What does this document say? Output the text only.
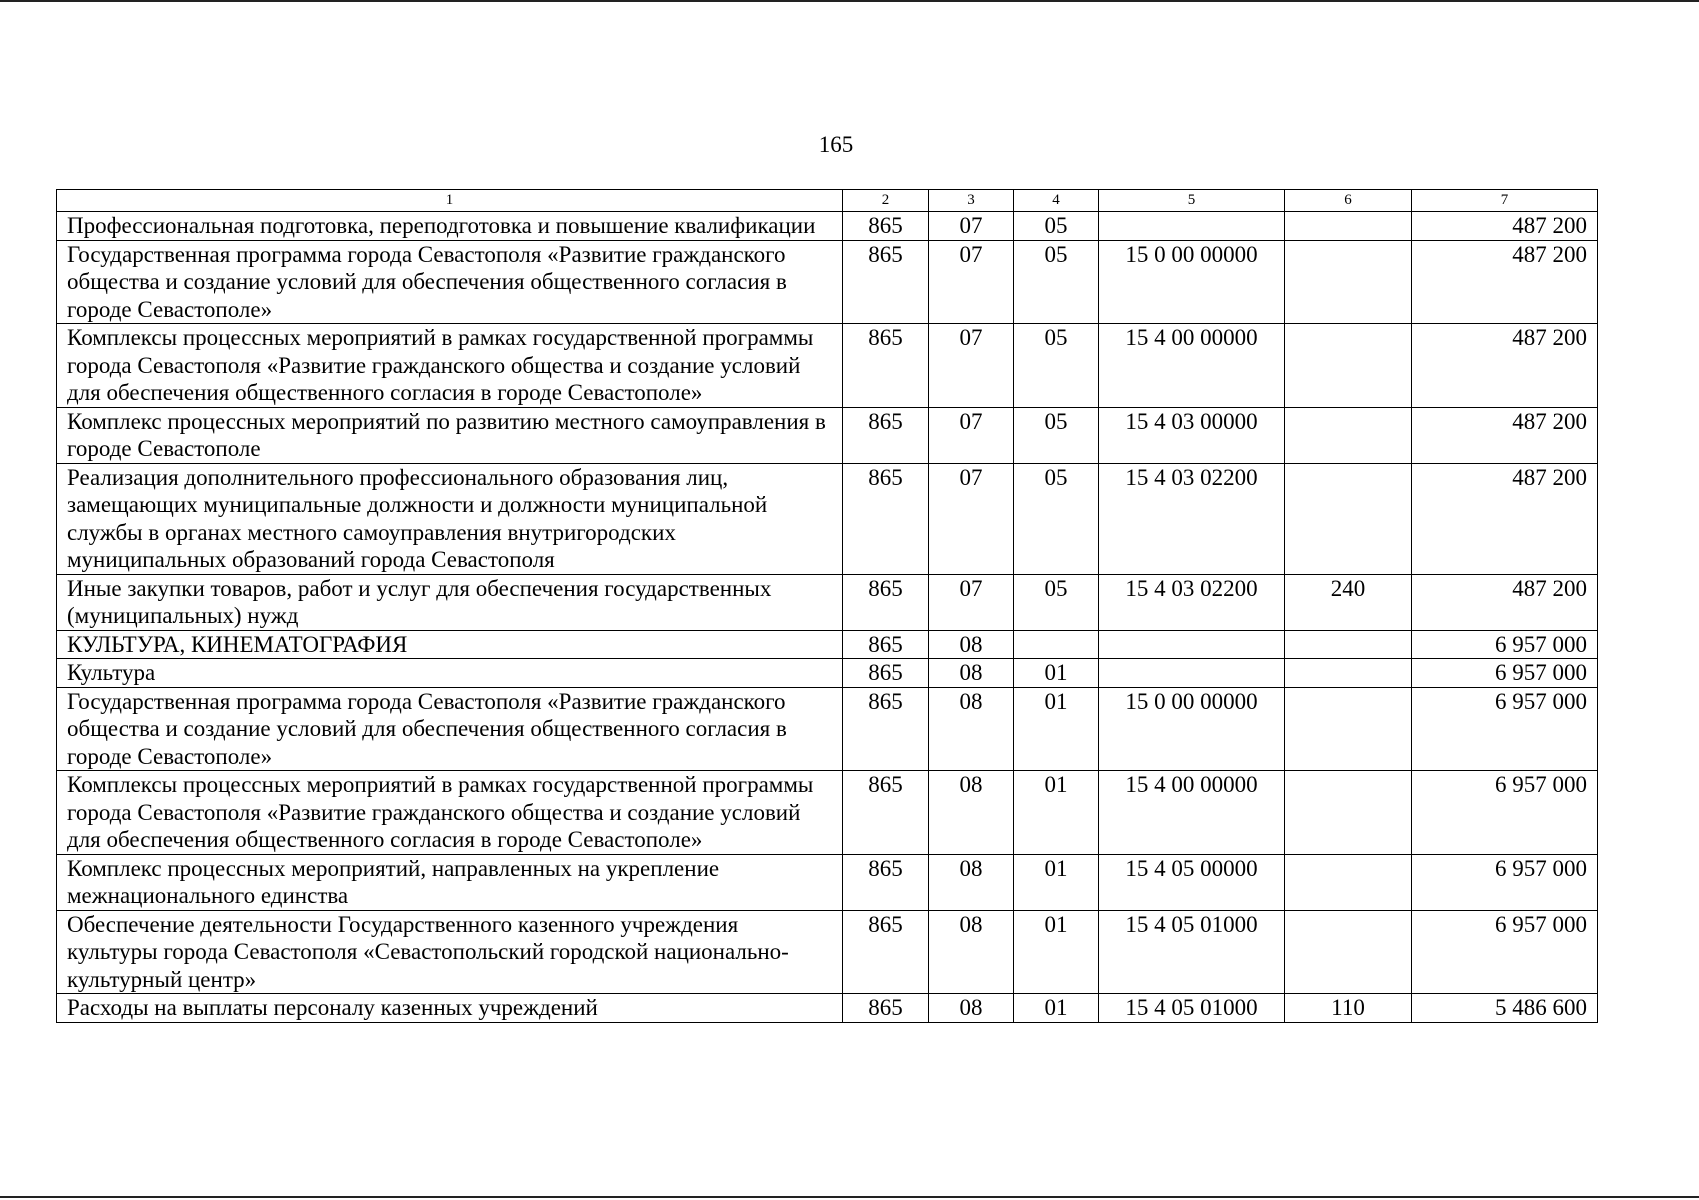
165
1	2	3	4	5	6	7
Профессиональная подготовка, переподготовка и повышение квалификации	865	07	05			487 200
Государственная программа города Севастополя «Развитие гражданского общества и создание условий для обеспечения общественного согласия в городе Севастополе»	865	07	05	15 0 00 00000		487 200
Комплексы процессных мероприятий в рамках государственной программы города Севастополя «Развитие гражданского общества и создание условий для обеспечения общественного согласия в городе Севастополе»	865	07	05	15 4 00 00000		487 200
Комплекс процессных мероприятий по развитию местного самоуправления в городе Севастополе	865	07	05	15 4 03 00000		487 200
Реализация дополнительного профессионального образования лиц, замещающих муниципальные должности и должности муниципальной службы в органах местного самоуправления внутригородских муниципальных образований города Севастополя	865	07	05	15 4 03 02200		487 200
Иные закупки товаров, работ и услуг для обеспечения государственных (муниципальных) нужд	865	07	05	15 4 03 02200	240	487 200
КУЛЬТУРА, КИНЕМАТОГРАФИЯ	865	08				6 957 000
Культура	865	08	01			6 957 000
Государственная программа города Севастополя «Развитие гражданского общества и создание условий для обеспечения общественного согласия в городе Севастополе»	865	08	01	15 0 00 00000		6 957 000
Комплексы процессных мероприятий в рамках государственной программы города Севастополя «Развитие гражданского общества и создание условий для обеспечения общественного согласия в городе Севастополе»	865	08	01	15 4 00 00000		6 957 000
Комплекс процессных мероприятий, направленных на укрепление межнационального единства	865	08	01	15 4 05 00000		6 957 000
Обеспечение деятельности Государственного казенного учреждения культуры города Севастополя «Севастопольский городской национально-культурный центр»	865	08	01	15 4 05 01000		6 957 000
Расходы на выплаты персоналу казенных учреждений	865	08	01	15 4 05 01000	110	5 486 600
